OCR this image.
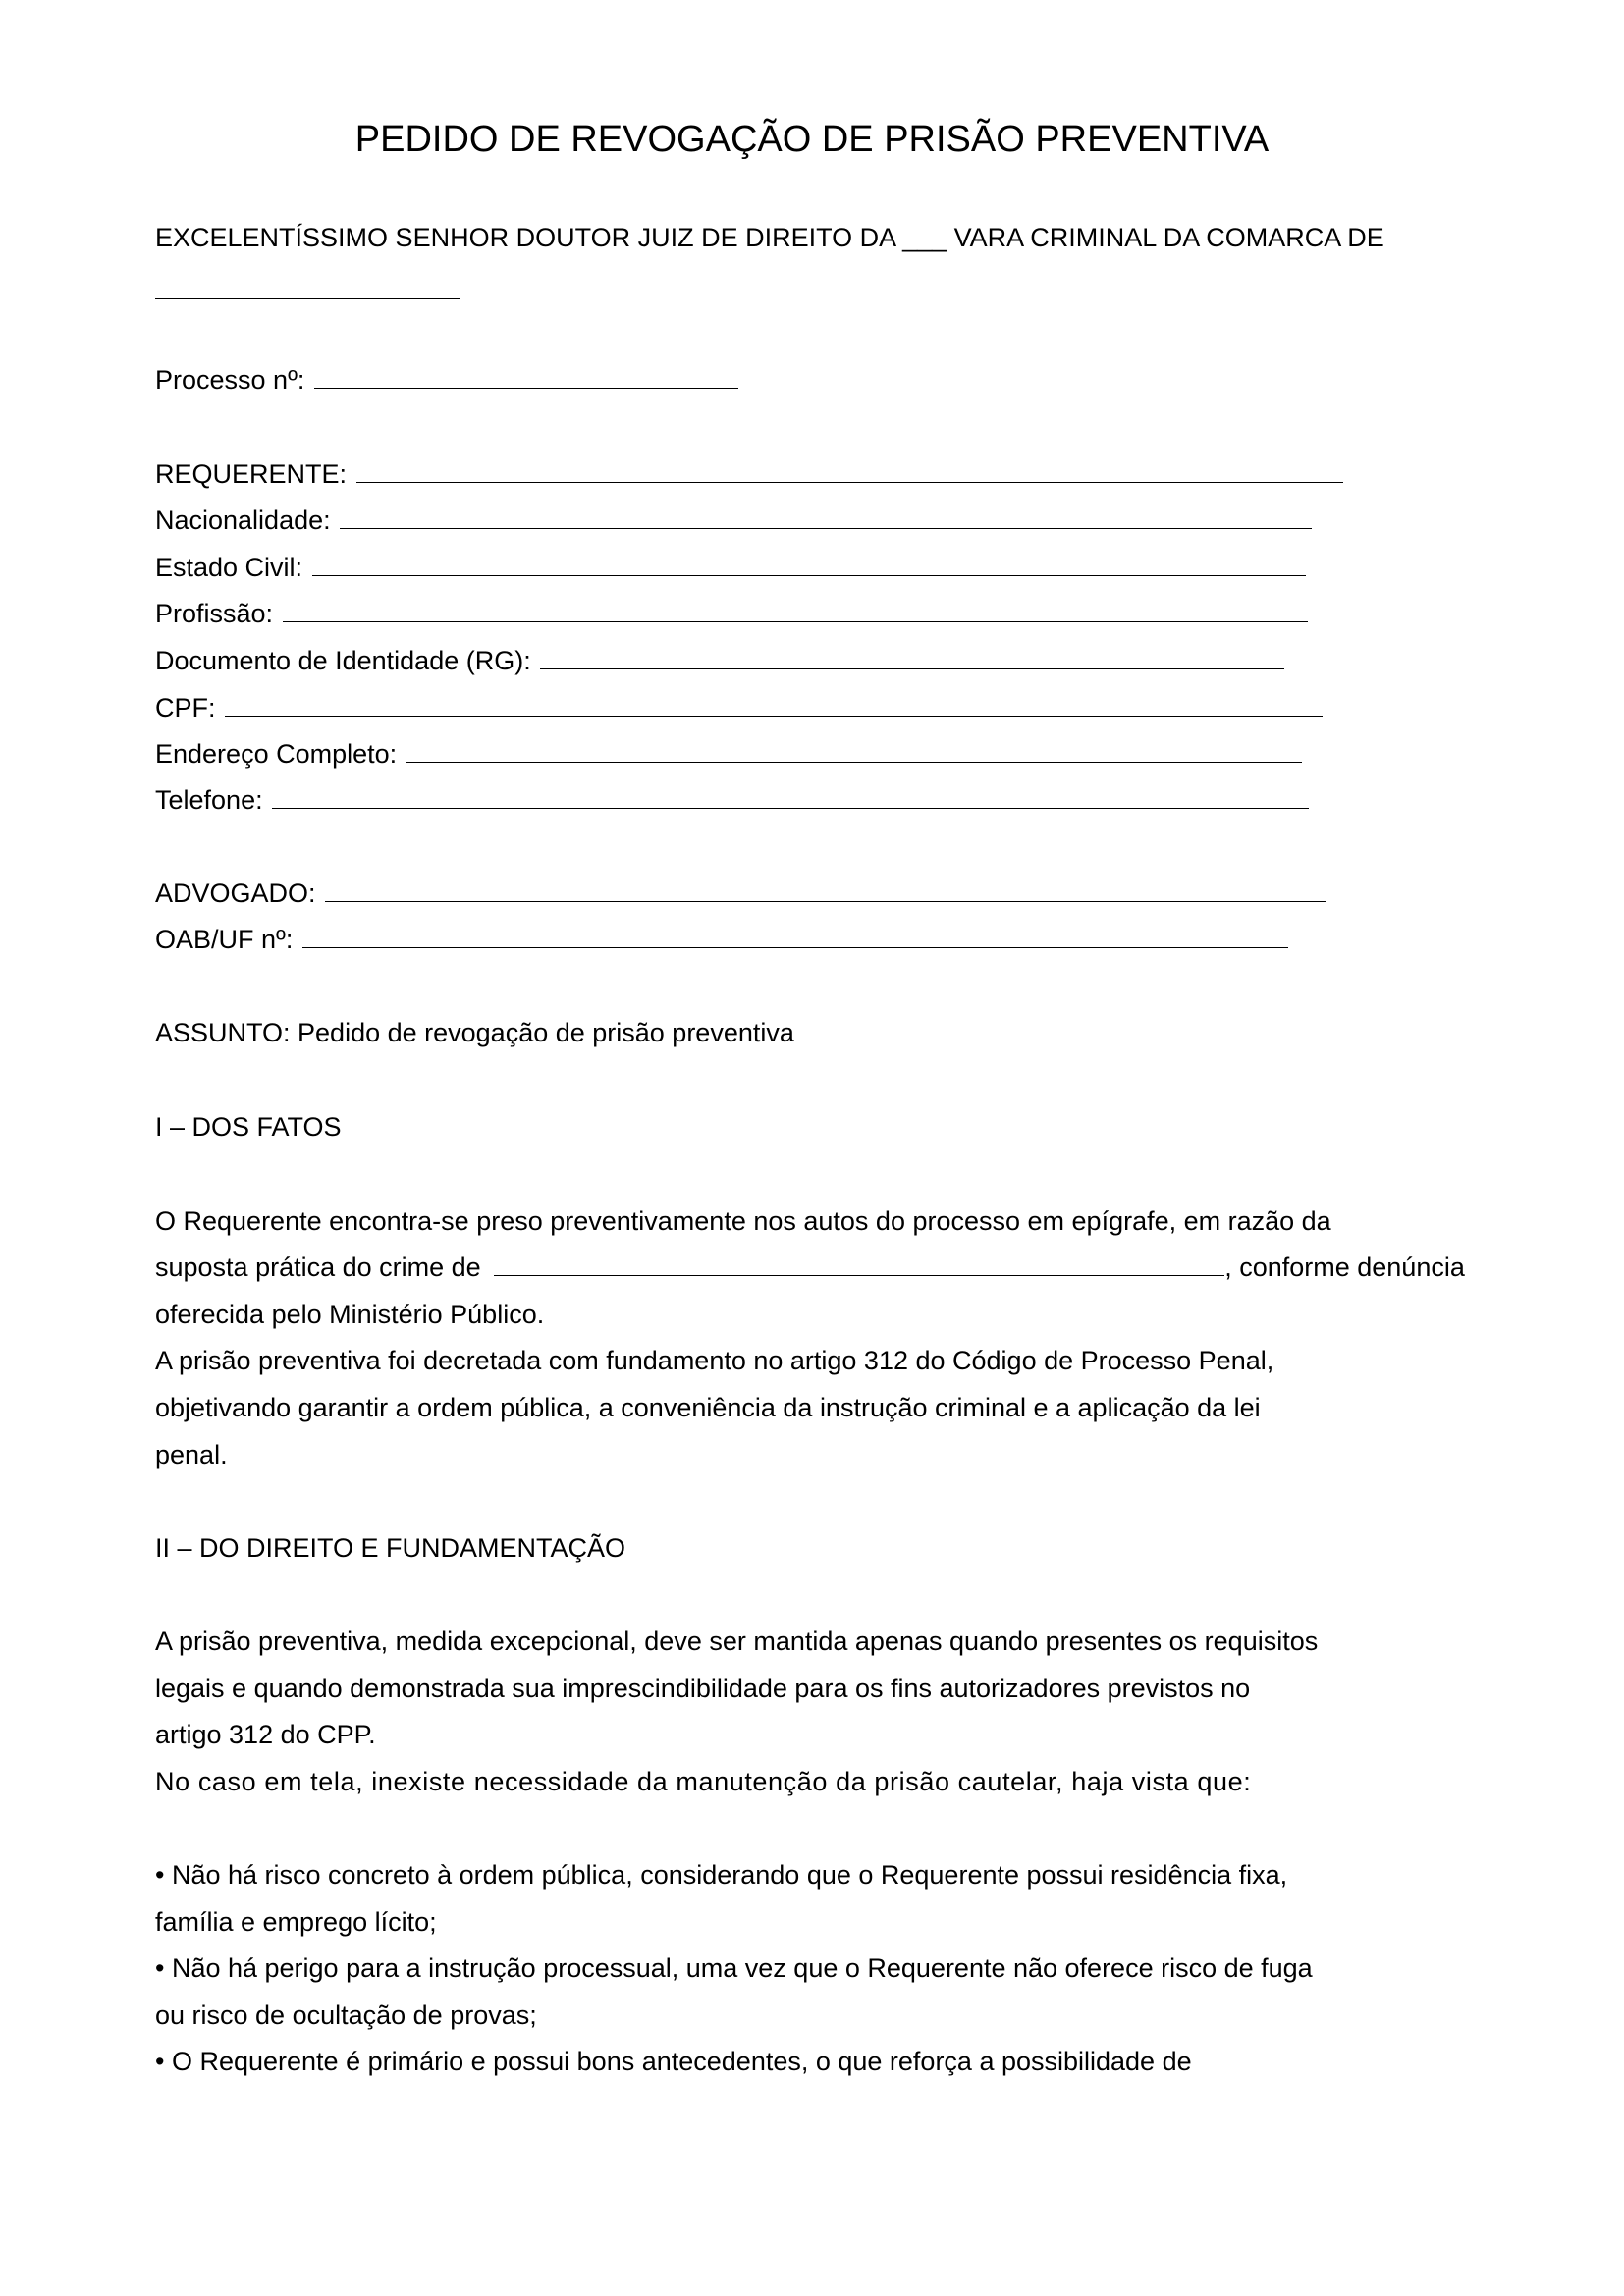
PEDIDO DE REVOGAÇÃO DE PRISÃO PREVENTIVA
EXCELENTÍSSIMO SENHOR DOUTOR JUIZ DE DIREITO DA ___ VARA CRIMINAL DA COMARCA DE
Processo nº:
REQUERENTE:
Nacionalidade:
Estado Civil:
Profissão:
Documento de Identidade (RG):
CPF:
Endereço Completo:
Telefone:
ADVOGADO:
OAB/UF nº:
ASSUNTO: Pedido de revogação de prisão preventiva
I – DOS FATOS
O Requerente encontra-se preso preventivamente nos autos do processo em epígrafe, em razão da
suposta prática do crime de	, conforme denúncia
oferecida pelo Ministério Público.
A prisão preventiva foi decretada com fundamento no artigo 312 do Código de Processo Penal,
objetivando garantir a ordem pública, a conveniência da instrução criminal e a aplicação da lei
penal.
II – DO DIREITO E FUNDAMENTAÇÃO
A prisão preventiva, medida excepcional, deve ser mantida apenas quando presentes os requisitos
legais e quando demonstrada sua imprescindibilidade para os fins autorizadores previstos no
artigo 312 do CPP.
No caso em tela, inexiste necessidade da manutenção da prisão cautelar, haja vista que:
• Não há risco concreto à ordem pública, considerando que o Requerente possui residência fixa,
família e emprego lícito;
• Não há perigo para a instrução processual, uma vez que o Requerente não oferece risco de fuga
ou risco de ocultação de provas;
• O Requerente é primário e possui bons antecedentes, o que reforça a possibilidade de
